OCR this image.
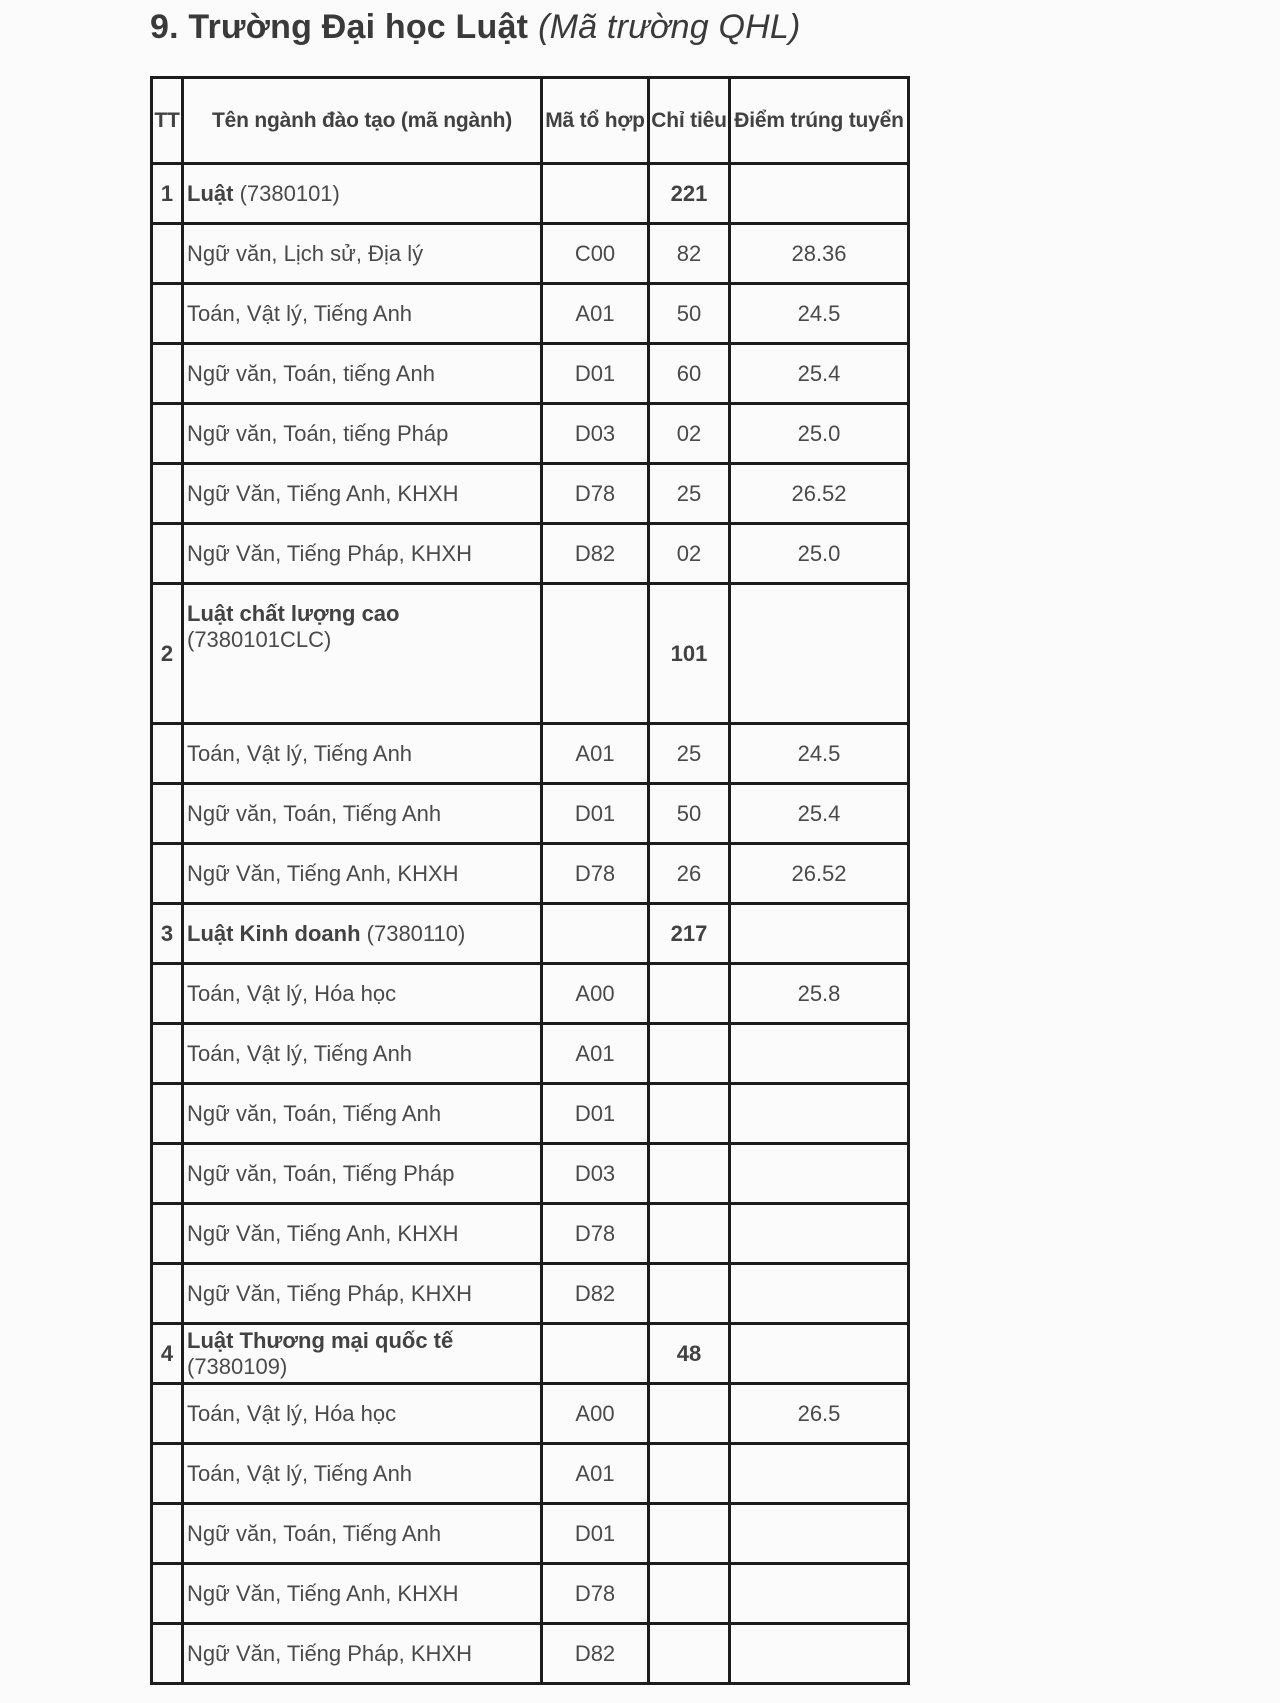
9. Trường Đại học Luật (Mã trường QHL)
TT	Tên ngành đào tạo (mã ngành)	Mã tổ hợp	Chỉ tiêu	Điểm trúng tuyển
1	Luật (7380101)		221	
	Ngữ văn, Lịch sử, Địa lý	C00	82	28.36
	Toán, Vật lý, Tiếng Anh	A01	50	24.5
	Ngữ văn, Toán, tiếng Anh	D01	60	25.4
	Ngữ văn, Toán, tiếng Pháp	D03	02	25.0
	Ngữ Văn, Tiếng Anh, KHXH	D78	25	26.52
	Ngữ Văn, Tiếng Pháp, KHXH	D82	02	25.0
2	Luật chất lượng cao (7380101CLC)		101	
	Toán, Vật lý, Tiếng Anh	A01	25	24.5
	Ngữ văn, Toán, Tiếng Anh	D01	50	25.4
	Ngữ Văn, Tiếng Anh, KHXH	D78	26	26.52
3	Luật Kinh doanh (7380110)		217	
	Toán, Vật lý, Hóa học	A00		25.8
	Toán, Vật lý, Tiếng Anh	A01		
	Ngữ văn, Toán, Tiếng Anh	D01		
	Ngữ văn, Toán, Tiếng Pháp	D03		
	Ngữ Văn, Tiếng Anh, KHXH	D78		
	Ngữ Văn, Tiếng Pháp, KHXH	D82		
4	Luật Thương mại quốc tế (7380109)		48	
	Toán, Vật lý, Hóa học	A00		26.5
	Toán, Vật lý, Tiếng Anh	A01		
	Ngữ văn, Toán, Tiếng Anh	D01		
	Ngữ Văn, Tiếng Anh, KHXH	D78		
	Ngữ Văn, Tiếng Pháp, KHXH	D82		
